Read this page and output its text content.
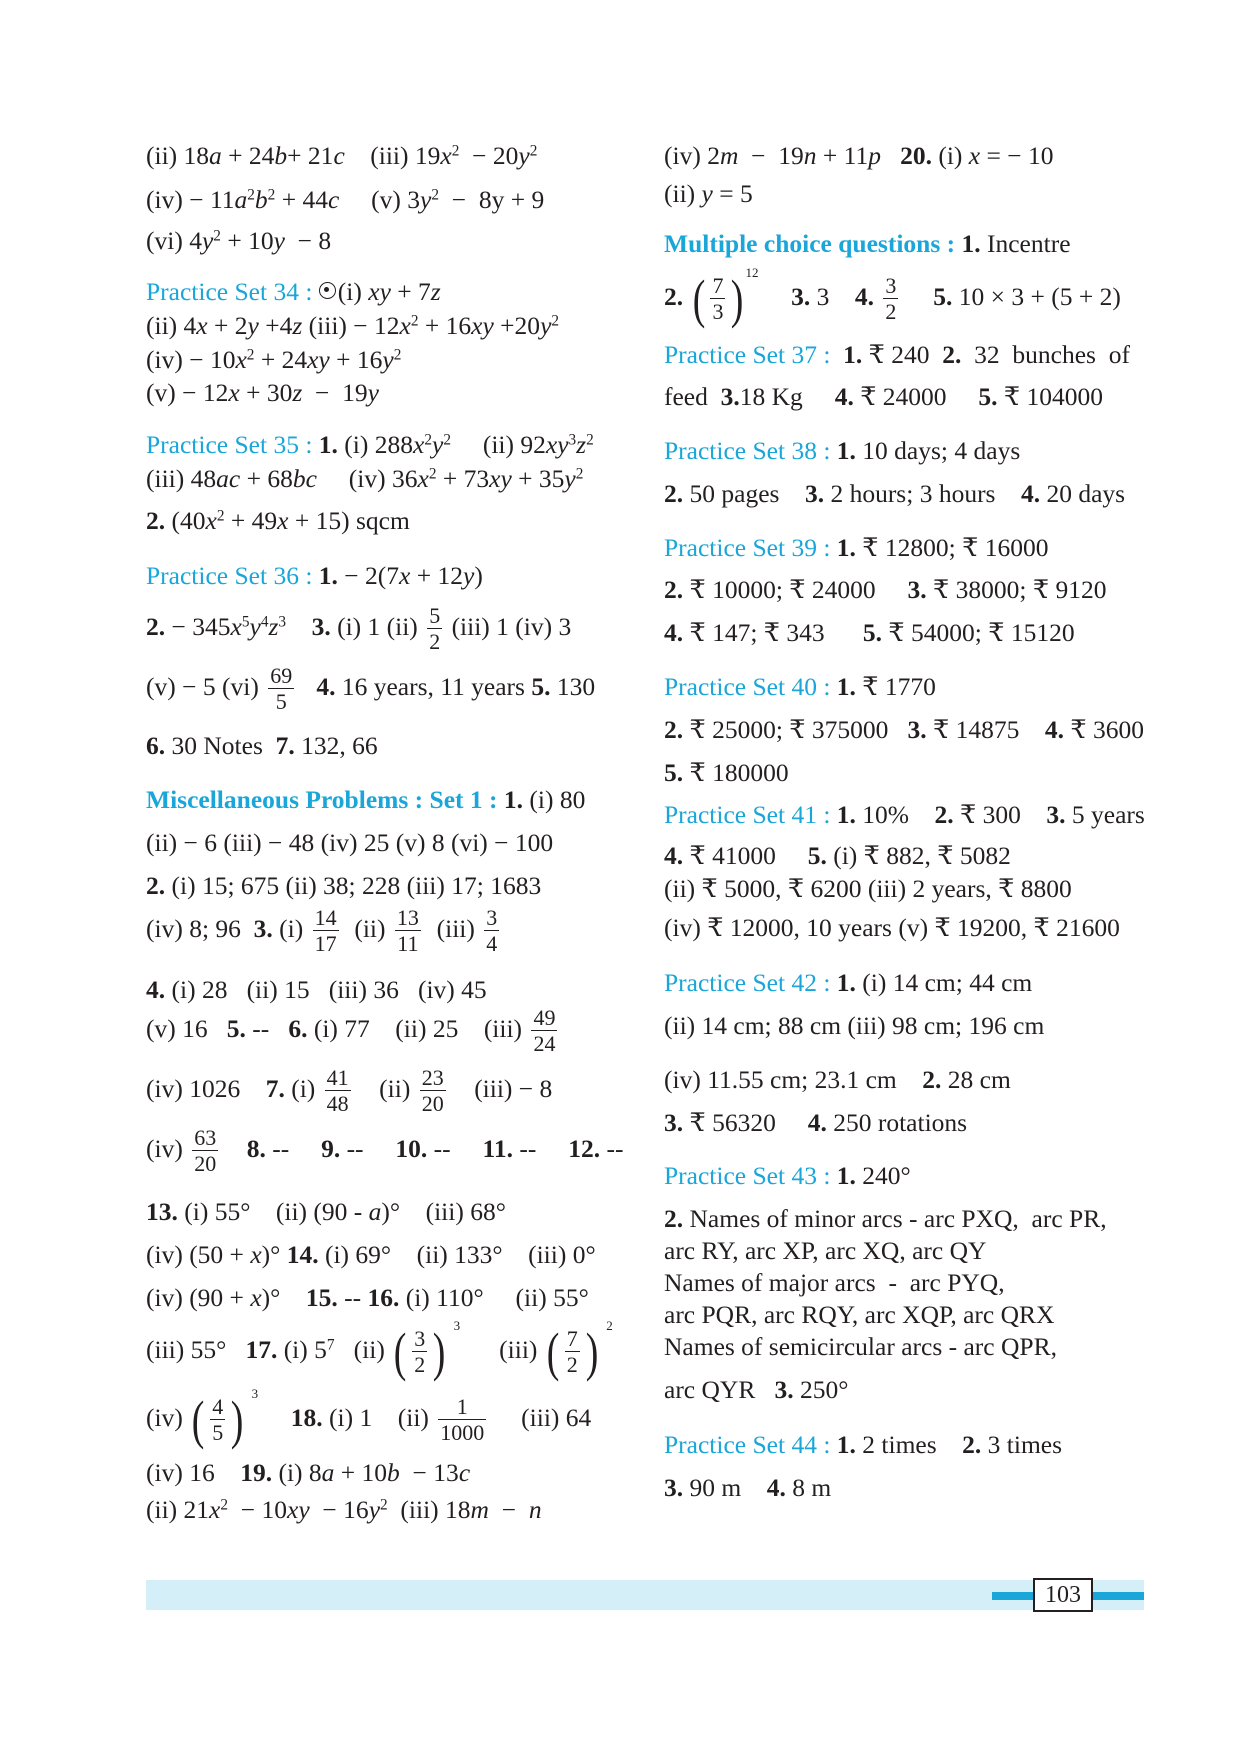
(ii) 18a + 24b+ 21c    (iii) $19x^2 - 20y^2$
$(iv) - 11a^2b^2 + 44c$     (v) $3y^2 - 8y + 9$
(vi) $4y^2 + 10y - 8$
Practice Set 34 : (i) xy + 7z
(ii) 4x + 2y +4z $(iii) - 12x^2 + 16xy +20y^2$
$(iv) - 10x^2 + 24xy + 16y^2$
(v) − 12x + 30z  −  19y
Practice Set 35 : 1. (i) $288x^2y^2$     (ii) $92xy^3z^2$
(iii) 48ac + 68bc     (iv) $36x^2 + 73xy + 35y^2$
2. $(40x^2 + 49x + 15)$ sqcm
Practice Set 36 : 1. − 2(7x + 12y)
2. − $345x^5y^4z^3$ 3. (i) 1 $(ii) \frac{5}{2} (iii)$ 1 (iv) 3
(v) − 5 $(vi) \frac{69}{5} 4$. 16 years, 11 years 5. 130
6. 30 Notes  7. 132, 66
Miscellaneous Problems : Set 1 : 1. (i) 80
(ii) − 6 (iii) − 48 (iv) 25 (v) 8 (vi) − 100
2. (i) 15; 675 (ii) 38; 228 (iii) 17; 1683
(iv) 8; 96  3. $(i) \frac{14}{17} (ii) \frac{13}{11} (iii) \frac{3}{4}$
4. (i) 28   (ii) 15   (iii) 36   (iv) 45
(v) 16   5. --   6. (i) 77    (ii) 25    $(iii) \frac{49}{24}$
(iv) 1026    7. $(i) \frac{41}{48} (ii) \frac{23}{20} (iii) - 8$
$(iv) \frac{63}{20} 8$. --     9. --     10. --     11. --     12. --
13. (i) 55°    (ii) (90 - a)°    (iii) 68°
(iv) (50 + x)° 14. (i) 69°    (ii) 133°    (iii) 0°
(iv) (90 + x)°    15. -- 16. (i) 110°     (ii) 55°
(iii) 55°   17. (i) $5^7$   (ii) ( $\frac{3}{2}$ ) 3
(iii) ( $\frac{7}{2}$ ) 2
(iv) ( $\frac{4}{5}$ ) 3
18. (i) 1    $(ii) \frac{1}{1000} (iii)$ 64
(iv) 16    19. (i) 8a + 10b  − 13c
(ii) $21x^2 - 10xy - 16y^2$  (iii) 18m  −  n
(iv) 2m  −  19n + 11p 20. (i) x = − 10
(ii) y = 5
Multiple choice questions : 1. Incentre
2. ( $\frac{7}{3}$ ) 12
3. 3    4. $\frac{3}{2} 5$. 10 × 3 + (5 + 2)
Practice Set 37 : 1. ₹ 240  2.  32  bunches  of
feed  3.18 Kg     4. ₹ 24000     5. ₹ 104000
Practice Set 38 : 1. 10 days; 4 days
2. 50 pages    3. 2 hours; 3 hours    4. 20 days
Practice Set 39 : 1. ₹ 12800; ₹ 16000
2. ₹ 10000; ₹ 24000     3. ₹ 38000; ₹ 9120
4. ₹ 147; ₹ 343      5. ₹ 54000; ₹ 15120
Practice Set 40 : 1. ₹ 1770
2. ₹ 25000; ₹ 375000   3. ₹ 14875    4. ₹ 3600
5. ₹ 180000
Practice Set 41 : 1. 10%    2. ₹ 300    3. 5 years
4. ₹ 41000     5. (i) ₹ 882, ₹ 5082
(ii) ₹ 5000, ₹ 6200 (iii) 2 years, ₹ 8800
(iv) ₹ 12000, 10 years (v) ₹ 19200, ₹ 21600
Practice Set 42 : 1. (i) 14 cm; 44 cm
(ii) 14 cm; 88 cm (iii) 98 cm; 196 cm
(iv) 11.55 cm; 23.1 cm    2. 28 cm
3. ₹ 56320     4. 250 rotations
Practice Set 43 : 1. 240°
2. Names of minor arcs - arc PXQ,  arc PR,
arc RY, arc XP, arc XQ, arc QY
Names of major arcs  -  arc PYQ,
arc PQR, arc RQY, arc XQP, arc QRX
Names of semicircular arcs - arc QPR,
arc QYR   3. 250°
Practice Set 44 : 1. 2 times    2. 3 times
3. 90 m    4. 8 m
103
